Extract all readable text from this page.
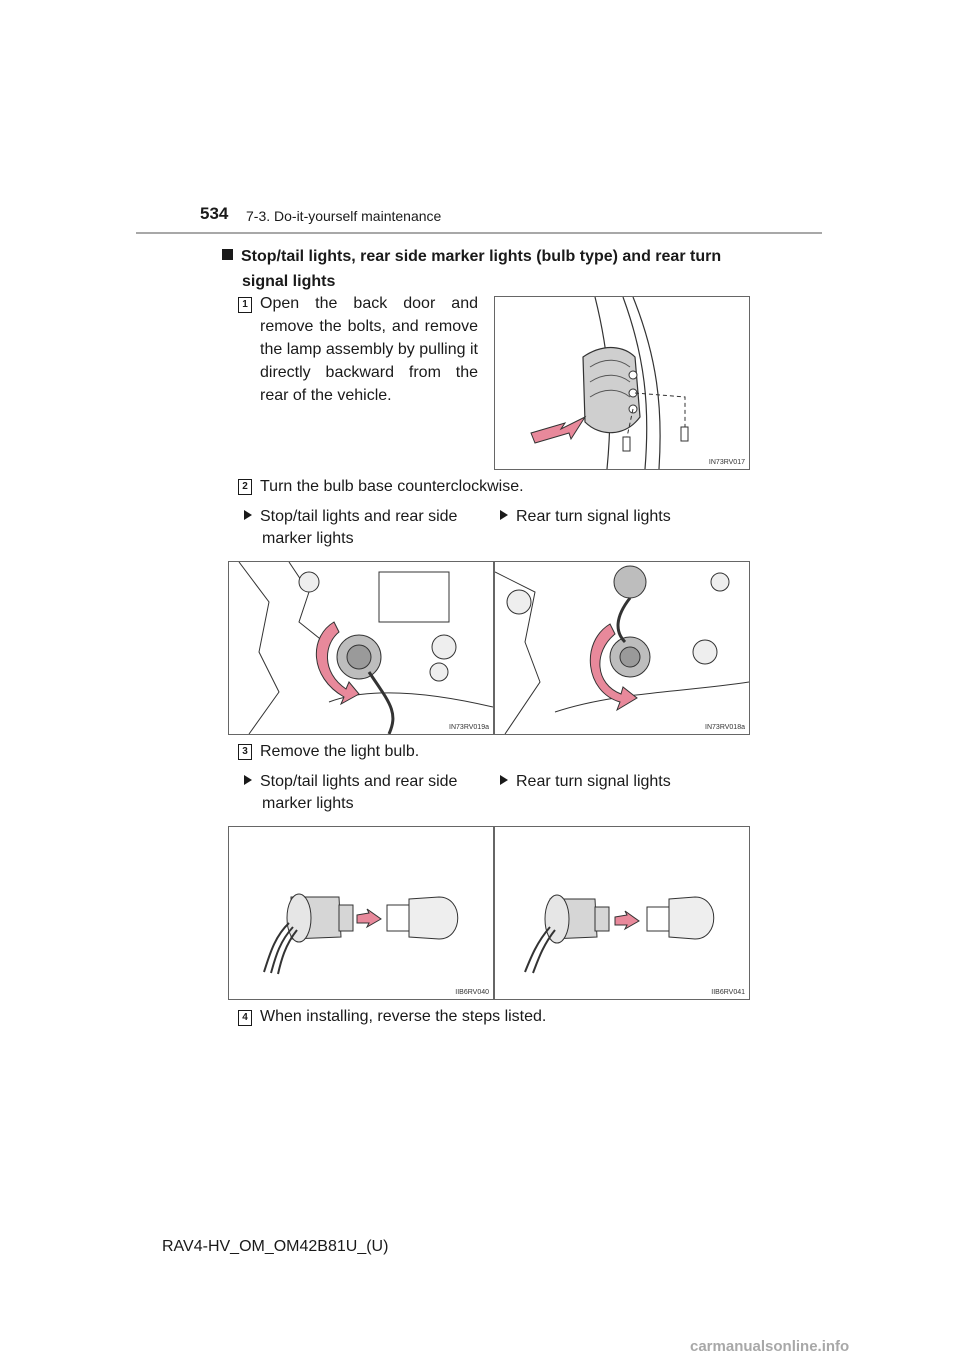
534 7-3. Do-it-yourself maintenance
Stop/tail lights, rear side marker lights (bulb type) and rear turn
signal lights
1 Open the back door and remove the bolts, and remove the lamp assembly by pulling it directly backward from the rear of the vehicle.
IN73RV017
2 Turn the bulb base counterclockwise.
Stop/tail lights and rear side
marker lights
Rear turn signal lights
IN73RV019a	IN73RV018a
3 Remove the light bulb.
Stop/tail lights and rear side
marker lights
Rear turn signal lights
IIB6RV040	IIB6RV041
4 When installing, reverse the steps listed.
RAV4-HV_OM_OM42B81U_(U)
carmanualsonline.info
